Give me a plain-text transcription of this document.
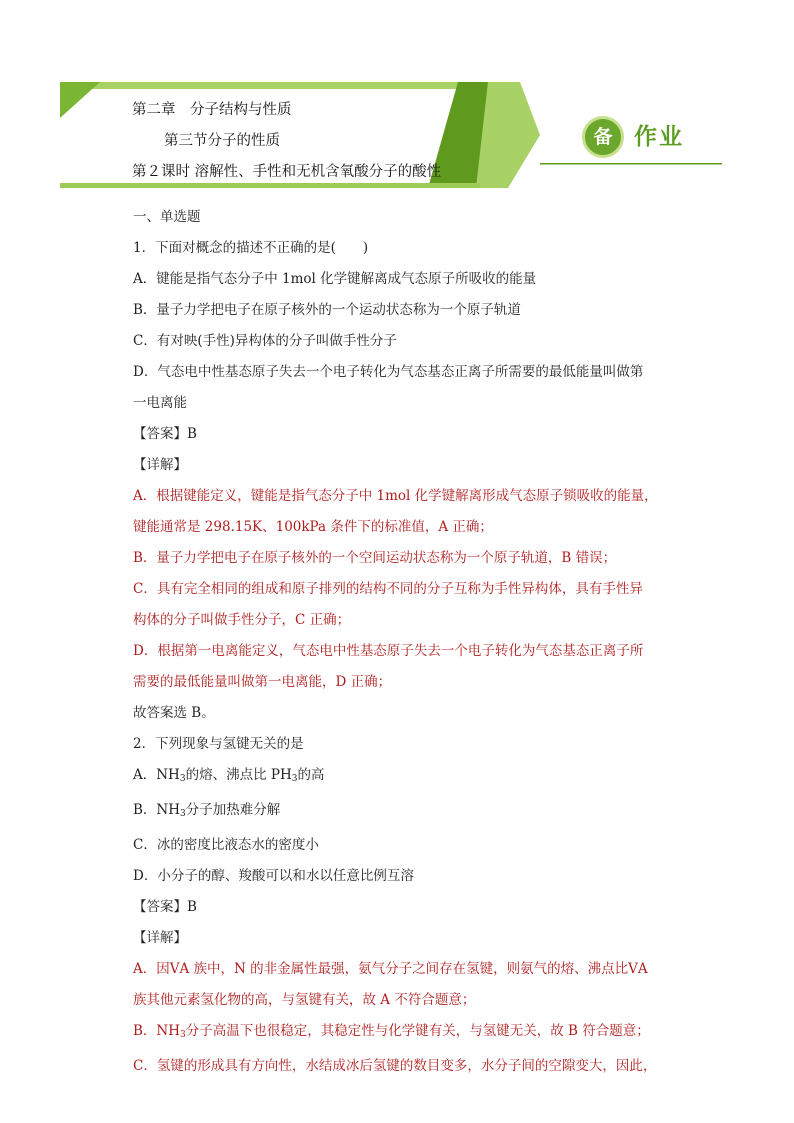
第二章　分子结构与性质
第三节分子的性质
第２课时 溶解性、手性和无机含氧酸分子的酸性
备 作业
一、单选题
1．下面对概念的描述不正确的是(　　)
A．键能是指气态分子中 1mol 化学键解离成气态原子所吸收的能量
B．量子力学把电子在原子核外的一个运动状态称为一个原子轨道
C．有对映(手性)异构体的分子叫做手性分子
D．气态电中性基态原子失去一个电子转化为气态基态正离子所需要的最低能量叫做第
一电离能
【答案】B
【详解】
A．根据键能定义，键能是指气态分子中 1mol 化学键解离形成气态原子锁吸收的能量，
键能通常是 298.15K、100kPa 条件下的标准值，A 正确；
B．量子力学把电子在原子核外的一个空间运动状态称为一个原子轨道，B 错误；
C．具有完全相同的组成和原子排列的结构不同的分子互称为手性异构体，具有手性异
构体的分子叫做手性分子，C 正确；
D．根据第一电离能定义，气态电中性基态原子失去一个电子转化为气态基态正离子所
需要的最低能量叫做第一电离能，D 正确；
故答案选 B。
2．下列现象与氢键无关的是
A．$NH_3$的熔、沸点比 $PH_3$的高
B．$NH_3$分子加热难分解
C．冰的密度比液态水的密度小
D．小分子的醇、羧酸可以和水以任意比例互溶
【答案】B
【详解】
A．因ⅤA 族中，N 的非金属性最强，氨气分子之间存在氢键，则氨气的熔、沸点比ⅤA
族其他元素氢化物的高，与氢键有关，故 A 不符合题意；
B．$NH_3$分子高温下也很稳定，其稳定性与化学键有关，与氢键无关，故 B 符合题意；
C．氢键的形成具有方向性，水结成冰后氢键的数目变多，水分子间的空隙变大，因此，
